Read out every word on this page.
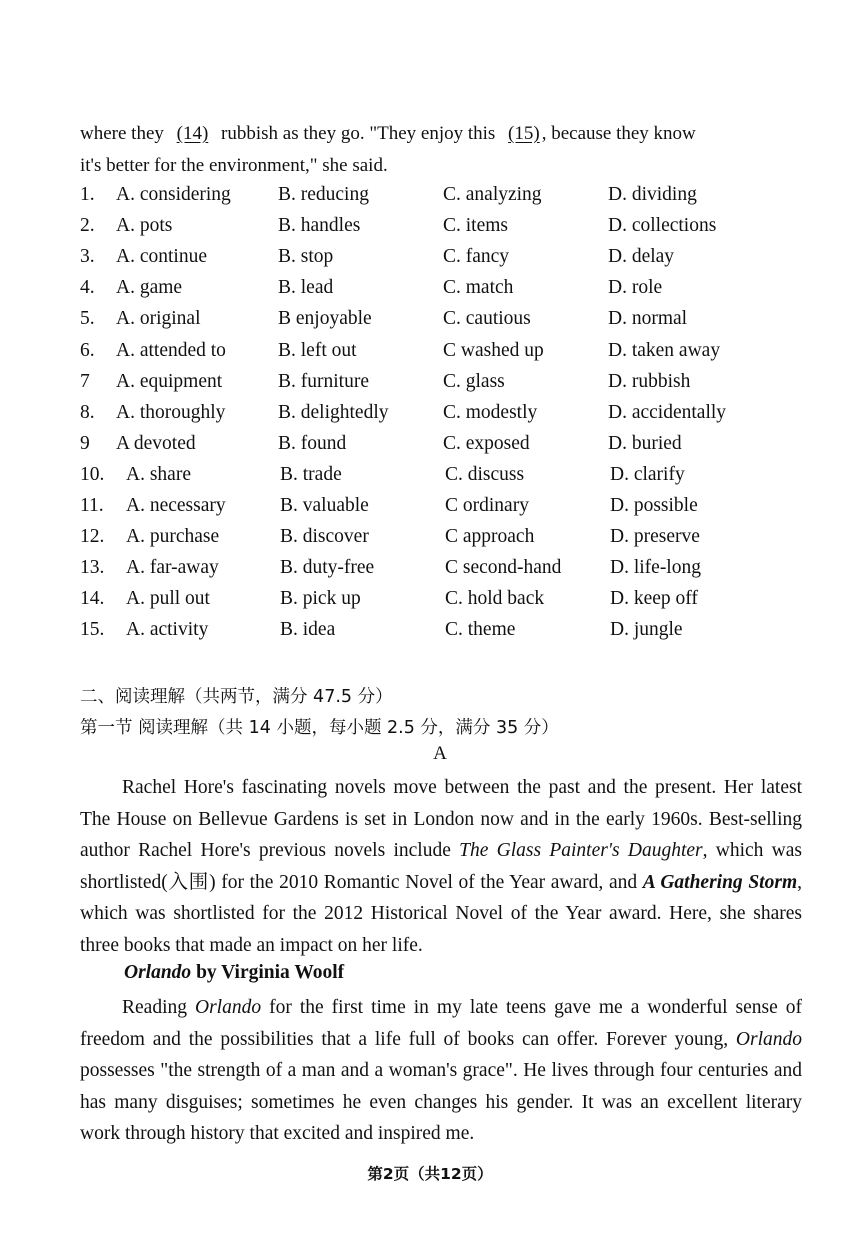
where they (14) rubbish as they go. "They enjoy this (15) , because they know
it's better for the environment," she said.
1. A. considering B. reducing	C. analyzing	D. dividing
2. A. pots	B. handles	C. items	D. collections
3. A. continue	B. stop	C. fancy	D. delay
4. A. game	B. lead	C. match	D. role
5. A. original	B enjoyable	C. cautious	D. normal
6. A. attended to	B. left out	C washed up	D. taken away
7 A. equipment	B. furniture	C. glass	D. rubbish
8. A. thoroughly	B. delightedly	C. modestly	D. accidentally
9 A devoted	B. found	C. exposed	D. buried
10. A. share	B. trade	C. discuss	D. clarify
11. A. necessary	B. valuable	C ordinary	D. possible
12. A. purchase	B. discover	C approach	D. preserve
13. A. far-away	B. duty-free	C second-hand D. life-long
14. A. pull out	B. pick up	C. hold back	D. keep off
15. A. activity	B. idea	C. theme	D. jungle
二、阅读理解（共两节，满分 47.5 分）
第一节 阅读理解（共 14 小题，每小题 2.5 分，满分 35 分）
A
Rachel Hore's fascinating novels move between the past and the present. Her latest The House on Bellevue Gardens is set in London now and in the early 1960s. Best-selling author Rachel Hore's previous novels include The Glass Painter's Daughter, which was shortlisted(入围) for the 2010 Romantic Novel of the Year award, and A Gathering Storm, which was shortlisted for the 2012 Historical Novel of the Year award. Here, she shares three books that made an impact on her life.
Orlando by Virginia Woolf
Reading Orlando for the first time in my late teens gave me a wonderful sense of freedom and the possibilities that a life full of books can offer. Forever young, Orlando possesses "the strength of a man and a woman's grace". He lives through four centuries and has many disguises; sometimes he even changes his gender. It was an excellent literary work through history that excited and inspired me.
第2页（共12页）
